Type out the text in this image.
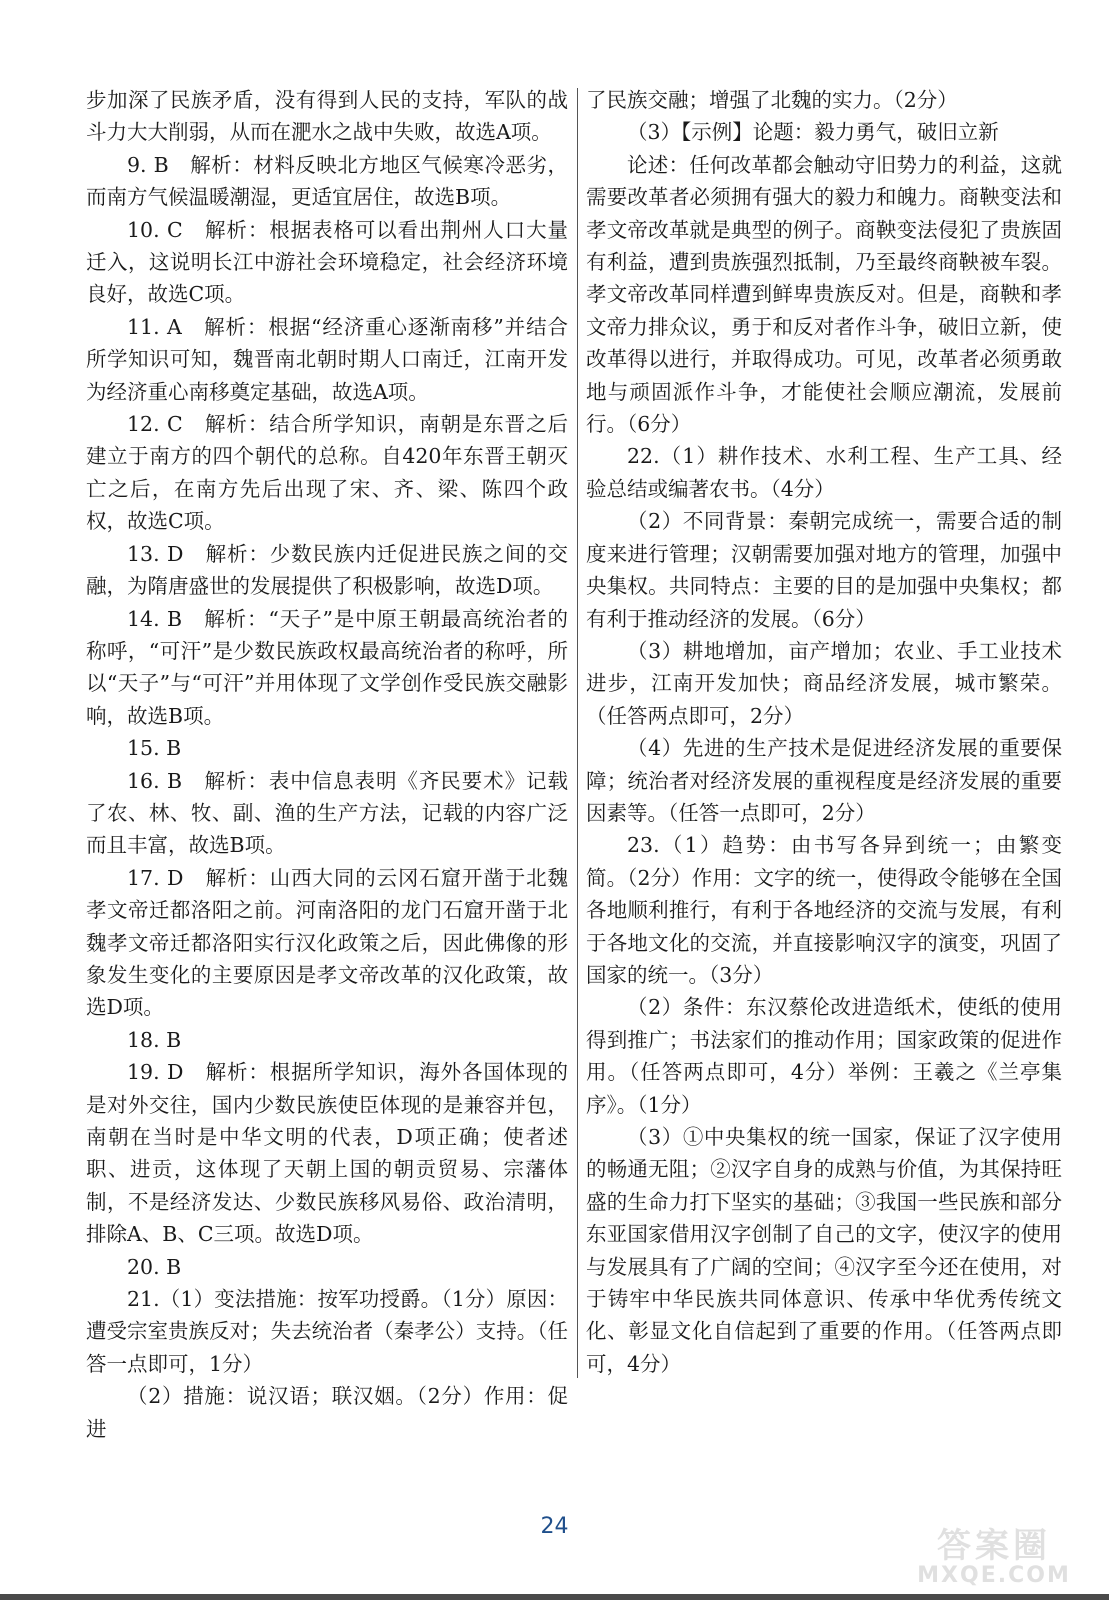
步加深了民族矛盾，没有得到人民的支持，军队的战斗力大大削弱，从而在淝水之战中失败，故选A项。

9. B　解析：材料反映北方地区气候寒冷恶劣，而南方气候温暖潮湿，更适宜居住，故选B项。

10. C　解析：根据表格可以看出荆州人口大量迁入，这说明长江中游社会环境稳定，社会经济环境良好，故选C项。

11. A　解析：根据“经济重心逐渐南移”并结合所学知识可知，魏晋南北朝时期人口南迁，江南开发为经济重心南移奠定基础，故选A项。

12. C　解析：结合所学知识，南朝是东晋之后建立于南方的四个朝代的总称。自420年东晋王朝灭亡之后，在南方先后出现了宋、齐、梁、陈四个政权，故选C项。

13. D　解析：少数民族内迁促进民族之间的交融，为隋唐盛世的发展提供了积极影响，故选D项。

14. B　解析：“天子”是中原王朝最高统治者的称呼，“可汗”是少数民族政权最高统治者的称呼，所以“天子”与“可汗”并用体现了文学创作受民族交融影响，故选B项。

15. B

16. B　解析：表中信息表明《齐民要术》记载了农、林、牧、副、渔的生产方法，记载的内容广泛而且丰富，故选B项。

17. D　解析：山西大同的云冈石窟开凿于北魏孝文帝迁都洛阳之前。河南洛阳的龙门石窟开凿于北魏孝文帝迁都洛阳实行汉化政策之后，因此佛像的形象发生变化的主要原因是孝文帝改革的汉化政策，故选D项。

18. B

19. D　解析：根据所学知识，海外各国体现的是对外交往，国内少数民族使臣体现的是兼容并包，南朝在当时是中华文明的代表，D项正确；使者述职、进贡，这体现了天朝上国的朝贡贸易、宗藩体制，不是经济发达、少数民族移风易俗、政治清明，排除A、B、C三项。故选D项。

20. B

21.（1）变法措施：按军功授爵。（1分）原因：遭受宗室贵族反对；失去统治者（秦孝公）支持。（任答一点即可，1分）

（2）措施：说汉语；联汉姻。（2分）作用：促进

了民族交融；增强了北魏的实力。（2分）

（3）【示例】论题：毅力勇气，破旧立新

论述：任何改革都会触动守旧势力的利益，这就需要改革者必须拥有强大的毅力和魄力。商鞅变法和孝文帝改革就是典型的例子。商鞅变法侵犯了贵族固有利益，遭到贵族强烈抵制，乃至最终商鞅被车裂。孝文帝改革同样遭到鲜卑贵族反对。但是，商鞅和孝文帝力排众议，勇于和反对者作斗争，破旧立新，使改革得以进行，并取得成功。可见，改革者必须勇敢地与顽固派作斗争，才能使社会顺应潮流，发展前行。（6分）

22.（1）耕作技术、水利工程、生产工具、经验总结或编著农书。（4分）

（2）不同背景：秦朝完成统一，需要合适的制度来进行管理；汉朝需要加强对地方的管理，加强中央集权。共同特点：主要的目的是加强中央集权；都有利于推动经济的发展。（6分）

（3）耕地增加，亩产增加；农业、手工业技术进步，江南开发加快；商品经济发展，城市繁荣。（任答两点即可，2分）

（4）先进的生产技术是促进经济发展的重要保障；统治者对经济发展的重视程度是经济发展的重要因素等。（任答一点即可，2分）

23.（1）趋势：由书写各异到统一；由繁变简。（2分）作用：文字的统一，使得政令能够在全国各地顺利推行，有利于各地经济的交流与发展，有利于各地文化的交流，并直接影响汉字的演变，巩固了国家的统一。（3分）

（2）条件：东汉蔡伦改进造纸术，使纸的使用得到推广；书法家们的推动作用；国家政策的促进作用。（任答两点即可，4分）举例：王羲之《兰亭集序》。（1分）

（3）①中央集权的统一国家，保证了汉字使用的畅通无阻；②汉字自身的成熟与价值，为其保持旺盛的生命力打下坚实的基础；③我国一些民族和部分东亚国家借用汉字创制了自己的文字，使汉字的使用与发展具有了广阔的空间；④汉字至今还在使用，对于铸牢中华民族共同体意识、传承中华优秀传统文化、彰显文化自信起到了重要的作用。（任答两点即可，4分）

24	答案圈
MXQE.COM
